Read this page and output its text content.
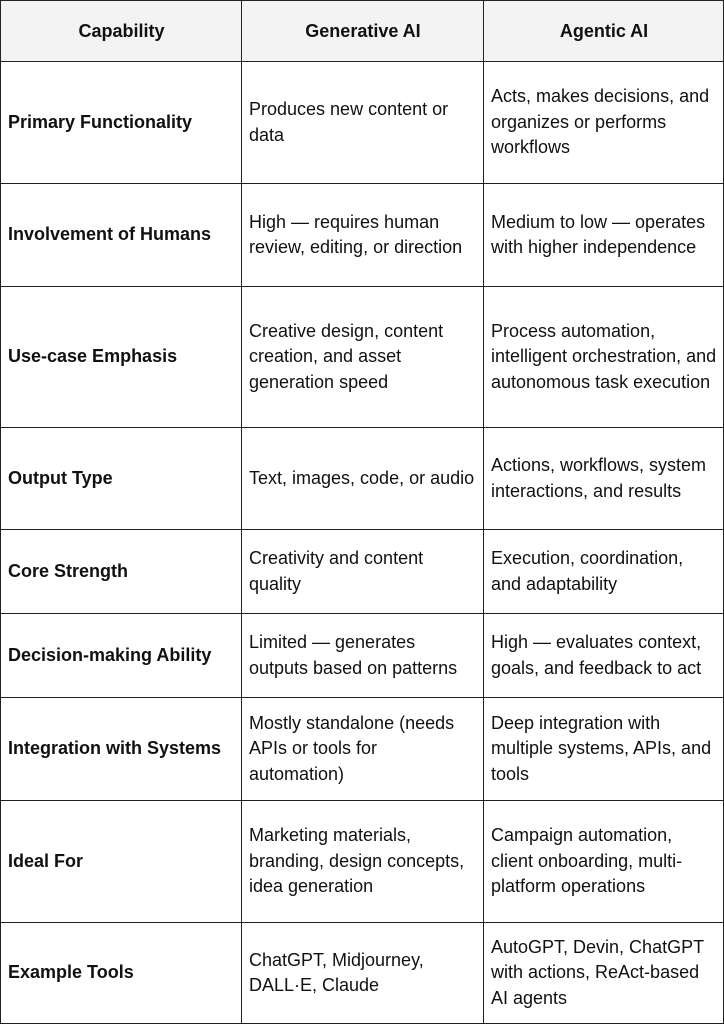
Capability	Generative AI	Agentic AI
Primary Functionality	Produces new content or data	Acts, makes decisions, and organizes or performs workflows
Involvement of Humans	High — requires human review, editing, or direction	Medium to low — operates with higher independence
Use-case Emphasis	Creative design, content creation, and asset generation speed	Process automation, intelligent orchestration, and autonomous task execution
Output Type	Text, images, code, or audio	Actions, workflows, system interactions, and results
Core Strength	Creativity and content quality	Execution, coordination, and adaptability
Decision-making Ability	Limited — generates outputs based on patterns	High — evaluates context, goals, and feedback to act
Integration with Systems	Mostly standalone (needs APIs or tools for automation)	Deep integration with multiple systems, APIs, and tools
Ideal For	Marketing materials, branding, design concepts, idea generation	Campaign automation, client onboarding, multi-platform operations
Example Tools	ChatGPT, Midjourney, DALL·E, Claude	AutoGPT, Devin, ChatGPT with actions, ReAct-based AI agents
